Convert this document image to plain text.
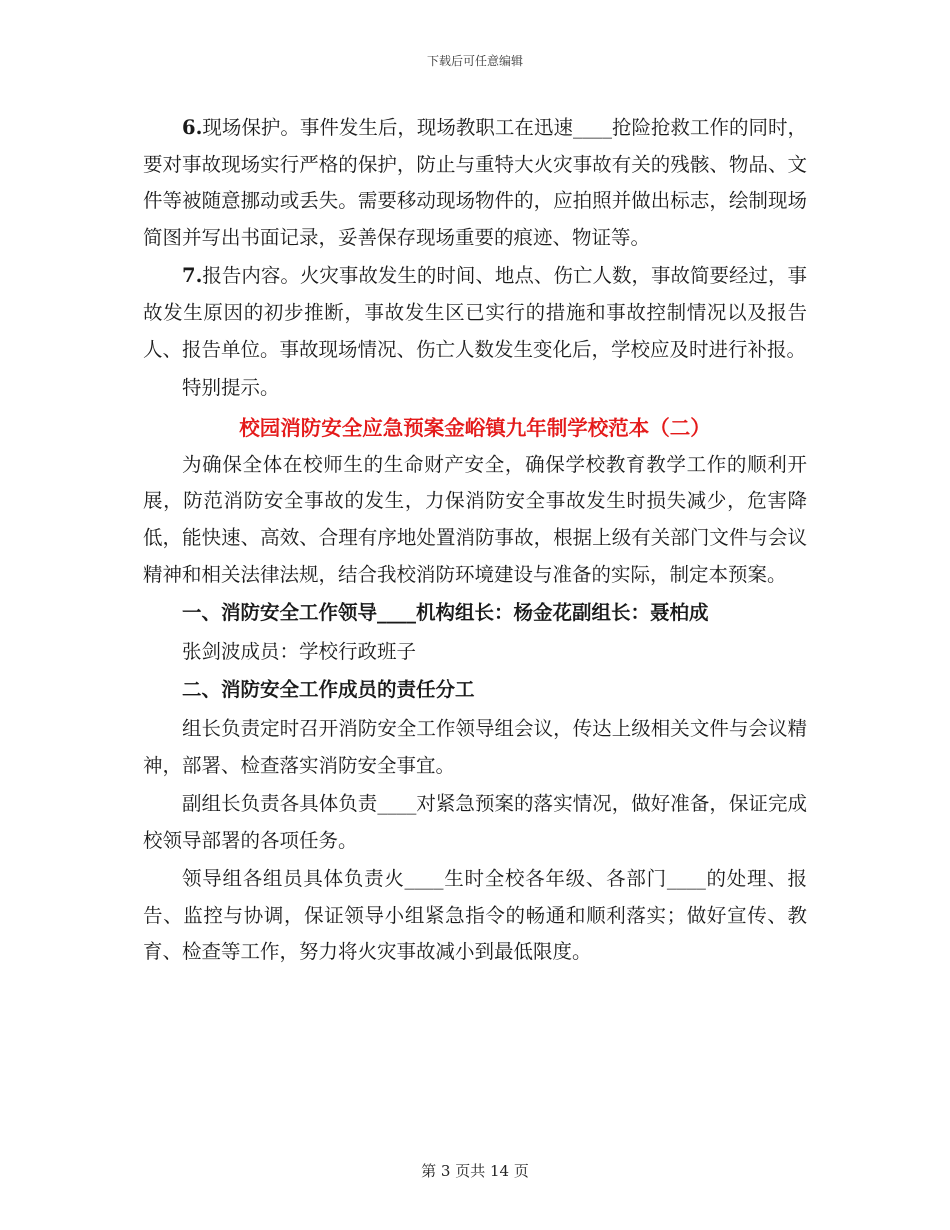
下载后可任意编辑

6.现场保护。事件发生后，现场教职工在迅速____抢险抢救工作的同时，要对事故现场实行严格的保护，防止与重特大火灾事故有关的残骸、物品、文件等被随意挪动或丢失。需要移动现场物件的，应拍照并做出标志，绘制现场简图并写出书面记录，妥善保存现场重要的痕迹、物证等。

7.报告内容。火灾事故发生的时间、地点、伤亡人数，事故简要经过，事故发生原因的初步推断，事故发生区已实行的措施和事故控制情况以及报告人、报告单位。事故现场情况、伤亡人数发生变化后，学校应及时进行补报。

特别提示。

校园消防安全应急预案金峪镇九年制学校范本（二）

为确保全体在校师生的生命财产安全，确保学校教育教学工作的顺利开展，防范消防安全事故的发生，力保消防安全事故发生时损失减少，危害降低，能快速、高效、合理有序地处置消防事故，根据上级有关部门文件与会议精神和相关法律法规，结合我校消防环境建设与准备的实际，制定本预案。

一、消防安全工作领导____机构组长：杨金花副组长：聂柏成

张剑波成员：学校行政班子

二、消防安全工作成员的责任分工

组长负责定时召开消防安全工作领导组会议，传达上级相关文件与会议精神，部署、检查落实消防安全事宜。

副组长负责各具体负责____对紧急预案的落实情况，做好准备，保证完成校领导部署的各项任务。

领导组各组员具体负责火____生时全校各年级、各部门____的处理、报告、监控与协调，保证领导小组紧急指令的畅通和顺利落实；做好宣传、教育、检查等工作，努力将火灾事故减小到最低限度。

第 3 页共 14 页
